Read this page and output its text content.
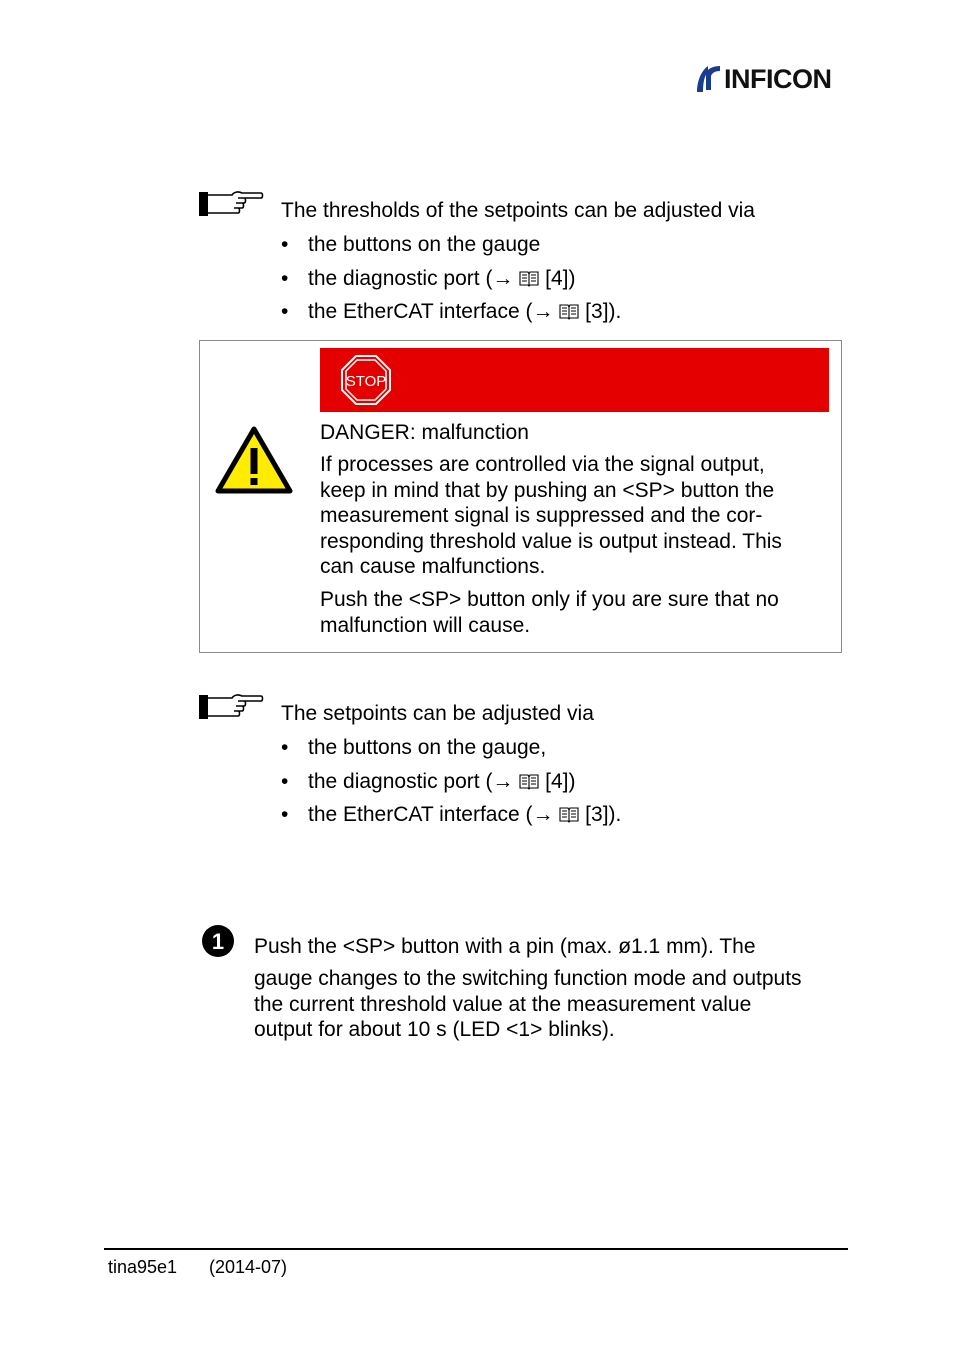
INFICON
The thresholds of the setpoints can be adjusted via
• the buttons on the gauge
• the diagnostic port (→  [4])
• the EtherCAT interface (→  [3]).
STOP
DANGER: malfunction

If processes are controlled via the signal output,
keep in mind that by pushing an <SP> button the
measurement signal is suppressed and the cor-
responding threshold value is output instead. This
can cause malfunctions.

Push the <SP> button only if you are sure that no
malfunction will cause.

The setpoints can be adjusted via
• the buttons on the gauge,
• the diagnostic port (→  [4])
• the EtherCAT interface (→  [3]).
1 Push the <SP> button with a pin (max. ø1.1 mm). The

gauge changes to the switching function mode and outputs
the current threshold value at the measurement value
output for about 10 s (LED <1> blinks).

tina95e1 (2014-07)
